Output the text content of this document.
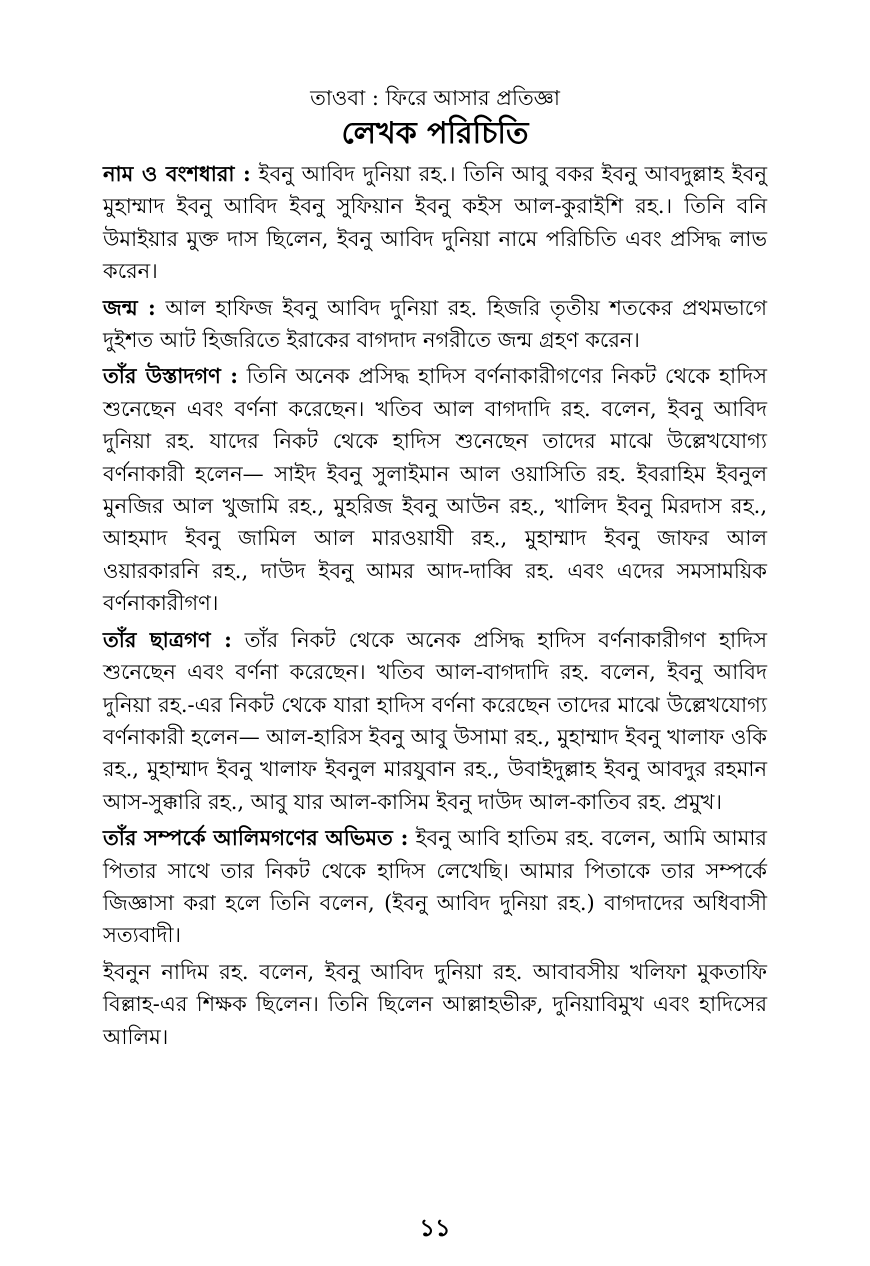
তাওবা : ফিরে আসার প্রতিজ্ঞা

লেখক পরিচিতি

নাম ও বংশধারা : ইবনু আবিদ দুনিয়া রহ.। তিনি আবু বকর ইবনু আবদুল্লাহ ইবনু মুহাম্মাদ ইবনু আবিদ ইবনু সুফিয়ান ইবনু কইস আল-কুরাইশি রহ.। তিনি বনি উমাইয়ার মুক্ত দাস ছিলেন, ইবনু আবিদ দুনিয়া নামে পরিচিতি এবং প্রসিদ্ধ লাভ করেন।

জন্ম : আল হাফিজ ইবনু আবিদ দুনিয়া রহ. হিজরি তৃতীয় শতকের প্রথমভাগে দুইশত আট হিজরিতে ইরাকের বাগদাদ নগরীতে জন্ম গ্রহণ করেন।

তাঁর উস্তাদগণ : তিনি অনেক প্রসিদ্ধ হাদিস বর্ণনাকারীগণের নিকট থেকে হাদিস শুনেছেন এবং বর্ণনা করেছেন। খতিব আল বাগদাদি রহ. বলেন, ইবনু আবিদ দুনিয়া রহ. যাদের নিকট থেকে হাদিস শুনেছেন তাদের মাঝে উল্লেখযোগ্য বর্ণনাকারী হলেন— সাইদ ইবনু সুলাইমান আল ওয়াসিতি রহ. ইবরাহিম ইবনুল মুনজির আল খুজামি রহ., মুহরিজ ইবনু আউন রহ., খালিদ ইবনু মিরদাস রহ., আহমাদ ইবনু জামিল আল মারওয়াযী রহ., মুহাম্মাদ ইবনু জাফর আল ওয়ারকারনি রহ., দাউদ ইবনু আমর আদ-দাব্বি রহ. এবং এদের সমসাময়িক বর্ণনাকারীগণ।

তাঁর ছাত্রগণ : তাঁর নিকট থেকে অনেক প্রসিদ্ধ হাদিস বর্ণনাকারীগণ হাদিস শুনেছেন এবং বর্ণনা করেছেন। খতিব আল-বাগদাদি রহ. বলেন, ইবনু আবিদ দুনিয়া রহ.-এর নিকট থেকে যারা হাদিস বর্ণনা করেছেন তাদের মাঝে উল্লেখযোগ্য বর্ণনাকারী হলেন— আল-হারিস ইবনু আবু উসামা রহ., মুহাম্মাদ ইবনু খালাফ ওকি রহ., মুহাম্মাদ ইবনু খালাফ ইবনুল মারযুবান রহ., উবাইদুল্লাহ ইবনু আবদুর রহমান আস-সুক্কারি রহ., আবু যার আল-কাসিম ইবনু দাউদ আল-কাতিব রহ. প্রমুখ।

তাঁর সম্পর্কে আলিমগণের অভিমত : ইবনু আবি হাতিম রহ. বলেন, আমি আমার পিতার সাথে তার নিকট থেকে হাদিস লেখেছি। আমার পিতাকে তার সম্পর্কে জিজ্ঞাসা করা হলে তিনি বলেন, (ইবনু আবিদ দুনিয়া রহ.) বাগদাদের অধিবাসী সত্যবাদী।

ইবনুন নাদিম রহ. বলেন, ইবনু আবিদ দুনিয়া রহ. আবাবসীয় খলিফা মুকতাফি বিল্লাহ-এর শিক্ষক ছিলেন। তিনি ছিলেন আল্লাহভীরু, দুনিয়াবিমুখ এবং হাদিসের আলিম।

১১
